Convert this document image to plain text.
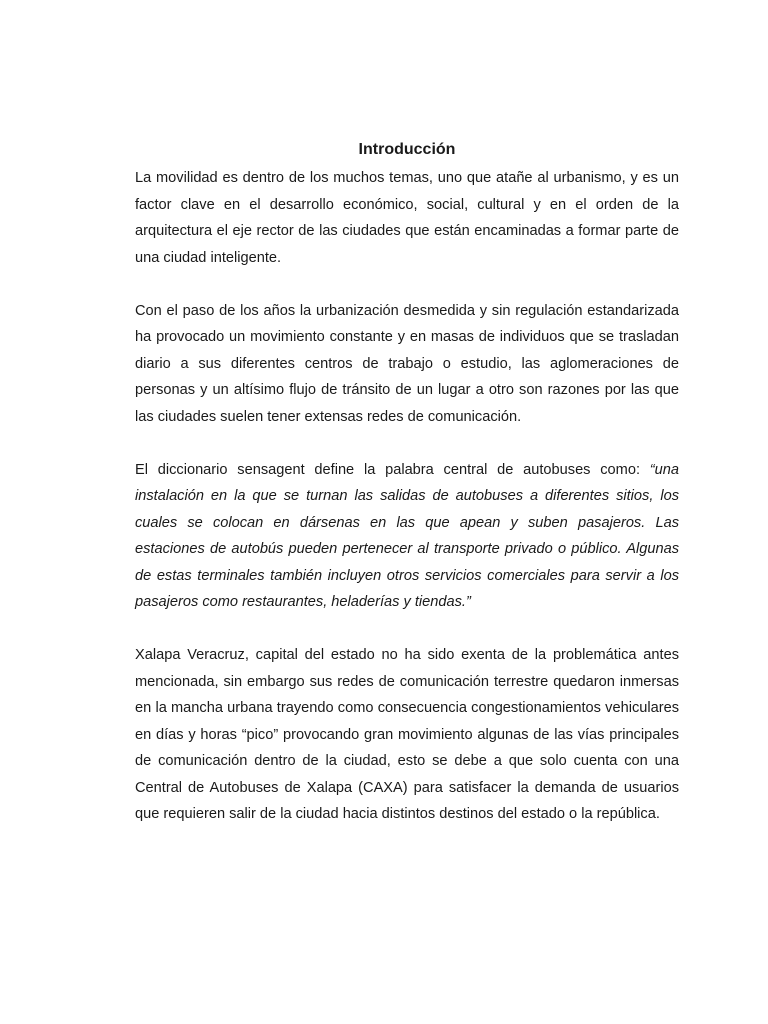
Introducción

La movilidad es dentro de los muchos temas, uno que atañe al urbanismo, y es un factor clave en el desarrollo económico, social, cultural y en el orden de la arquitectura el eje rector de las ciudades que están encaminadas a formar parte de una ciudad inteligente.

Con el paso de los años la urbanización desmedida y sin regulación estandarizada ha provocado un movimiento constante y en masas de individuos que se trasladan diario a sus diferentes centros de trabajo o estudio, las aglomeraciones de personas y un altísimo flujo de tránsito de un lugar a otro son razones por las que las ciudades suelen tener extensas redes de comunicación.

El diccionario sensagent define la palabra central de autobuses como: “una instalación en la que se turnan las salidas de autobuses a diferentes sitios, los cuales se colocan en dársenas en las que apean y suben pasajeros. Las estaciones de autobús pueden pertenecer al transporte privado o público. Algunas de estas terminales también incluyen otros servicios comerciales para servir a los pasajeros como restaurantes, heladerías y tiendas.”

Xalapa Veracruz, capital del estado no ha sido exenta de la problemática antes mencionada, sin embargo sus redes de comunicación terrestre quedaron inmersas en la mancha urbana trayendo como consecuencia congestionamientos vehiculares en días y horas “pico” provocando gran movimiento algunas de las vías principales de comunicación dentro de la ciudad, esto se debe a que solo cuenta con una Central de Autobuses de Xalapa (CAXA) para satisfacer la demanda de usuarios que requieren salir de la ciudad hacia distintos destinos del estado o la república.
